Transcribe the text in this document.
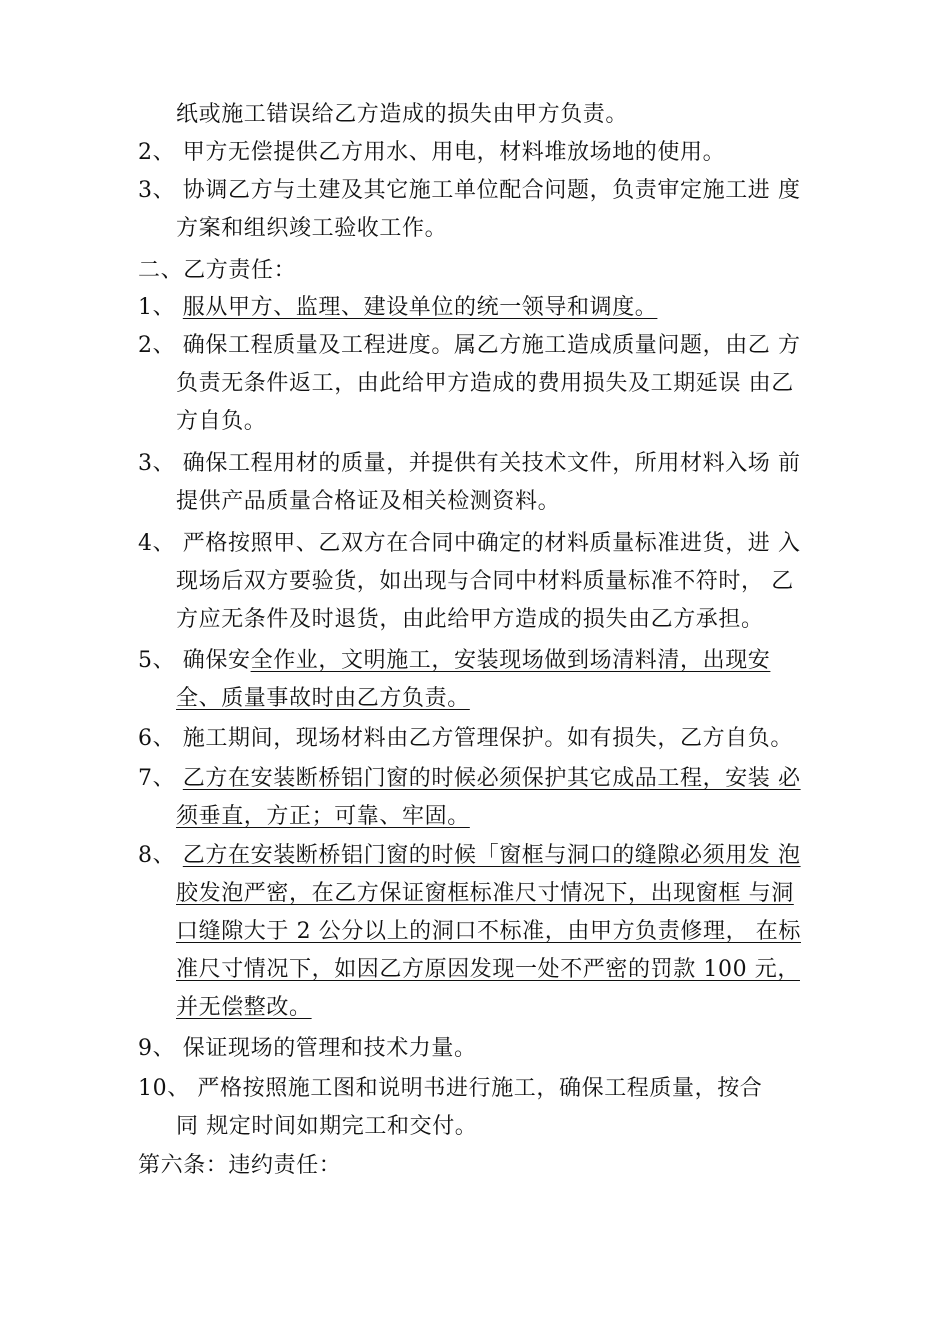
纸或施工错误给乙方造成的损失由甲方负责。
2、 甲方无偿提供乙方用水、用电，材料堆放场地的使用。
3、 协调乙方与土建及其它施工单位配合问题，负责审定施工进 度
方案和组织竣工验收工作。
二、乙方责任：
1、 服从甲方、监理、建设单位的统一领导和调度。
2、 确保工程质量及工程进度。属乙方施工造成质量问题，由乙 方
负责无条件返工，由此给甲方造成的费用损失及工期延误 由乙
方自负。
3、 确保工程用材的质量，并提供有关技术文件，所用材料入场 前
提供产品质量合格证及相关检测资料。
4、 严格按照甲、乙双方在合同中确定的材料质量标准进货，进 入
现场后双方要验货，如出现与合同中材料质量标准不符时， 乙
方应无条件及时退货，由此给甲方造成的损失由乙方承担。
5、 确保安全作业，文明施工，安装现场做到场清料清，出现安
全、质量事故时由乙方负责。
6、 施工期间，现场材料由乙方管理保护。如有损失，乙方自负。
7、 乙方在安装断桥铝门窗的时候必须保护其它成品工程，安装 必
须垂直，方正；可靠、牢固。
8、 乙方在安装断桥铝门窗的时候「窗框与洞口的缝隙必须用发 泡
胶发泡严密，在乙方保证窗框标准尺寸情况下，出现窗框 与洞
口缝隙大于 2 公分以上的洞口不标准，由甲方负责修理， 在标
准尺寸情况下，如因乙方原因发现一处不严密的罚款 100 元，
并无偿整改。
9、 保证现场的管理和技术力量。
10、 严格按照施工图和说明书进行施工，确保工程质量，按合
同 规定时间如期完工和交付。
第六条：违约责任：
